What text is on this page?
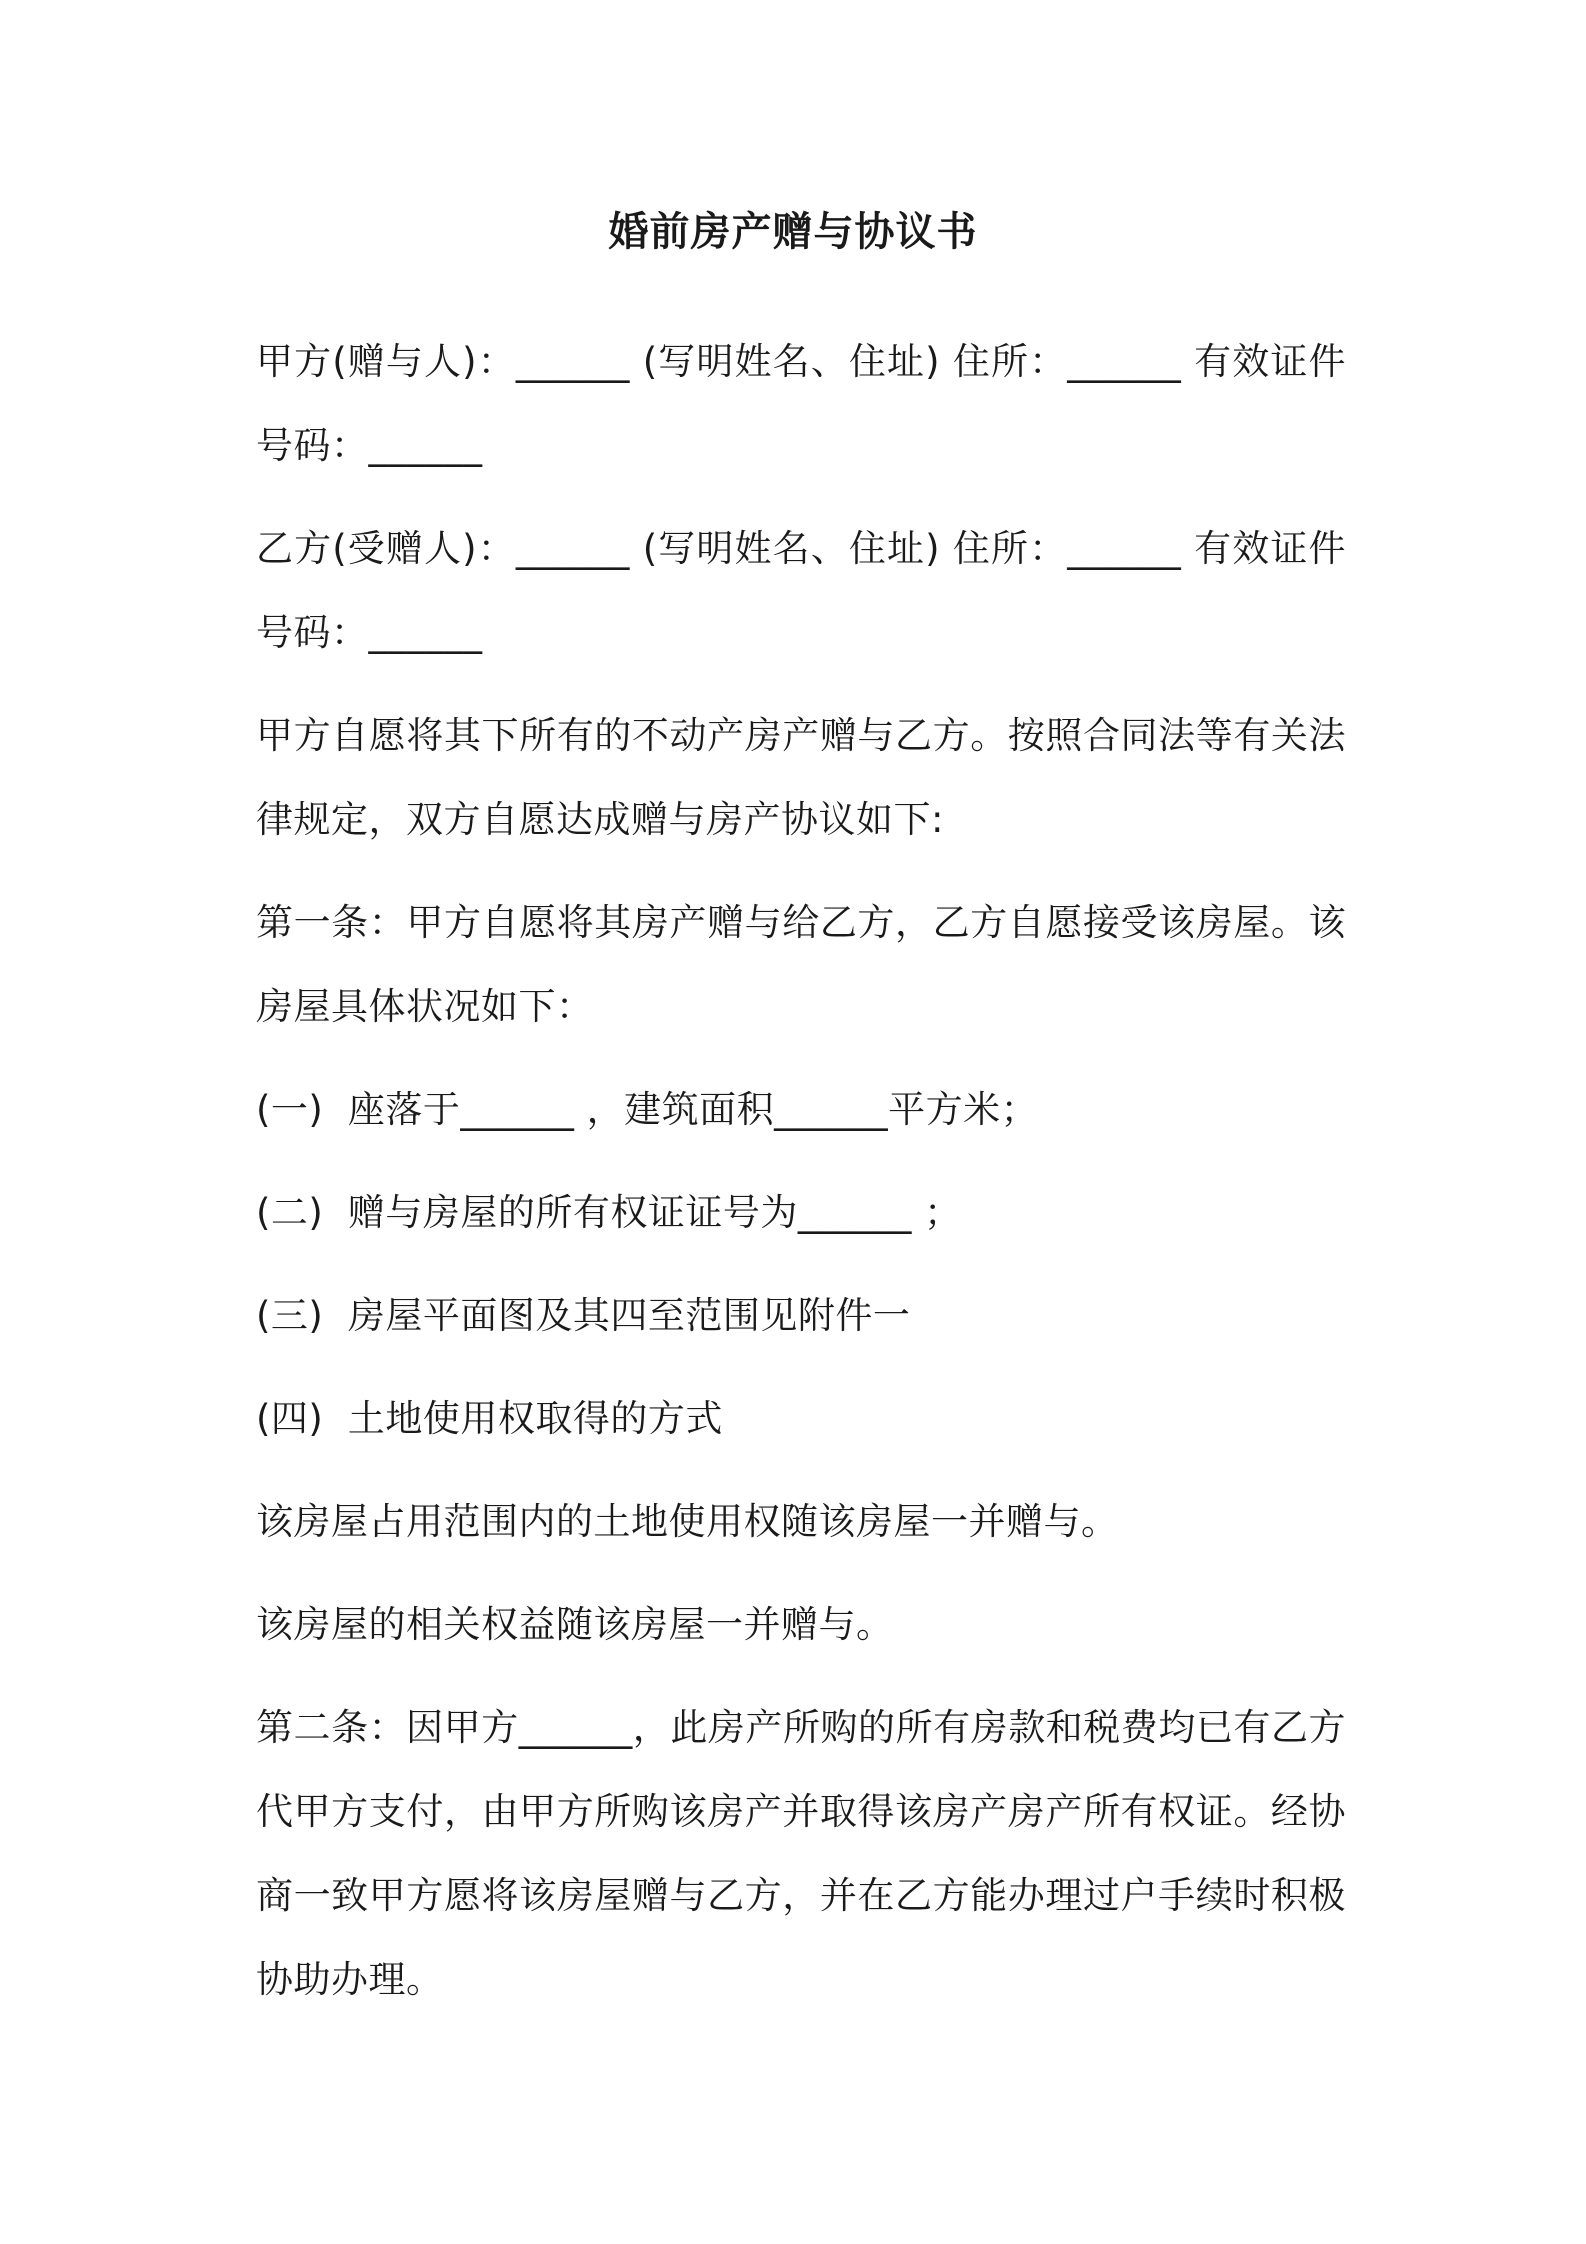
婚前房产赠与协议书

甲方(赠与人)：______ (写明姓名、住址) 住所：______ 有效证件号码：______

乙方(受赠人)：______ (写明姓名、住址) 住所：______ 有效证件号码：______

甲方自愿将其下所有的不动产房产赠与乙方。按照合同法等有关法律规定，双方自愿达成赠与房产协议如下:

第一条：甲方自愿将其房产赠与给乙方，乙方自愿接受该房屋。该房屋具体状况如下：

(一)  座落于______ ，建筑面积______平方米；

(二)  赠与房屋的所有权证证号为______ ；

(三)  房屋平面图及其四至范围见附件一

(四)  土地使用权取得的方式

该房屋占用范围内的土地使用权随该房屋一并赠与。

该房屋的相关权益随该房屋一并赠与。

第二条：因甲方______，此房产所购的所有房款和税费均已有乙方代甲方支付，由甲方所购该房产并取得该房产房产所有权证。经协商一致甲方愿将该房屋赠与乙方，并在乙方能办理过户手续时积极协助办理。
